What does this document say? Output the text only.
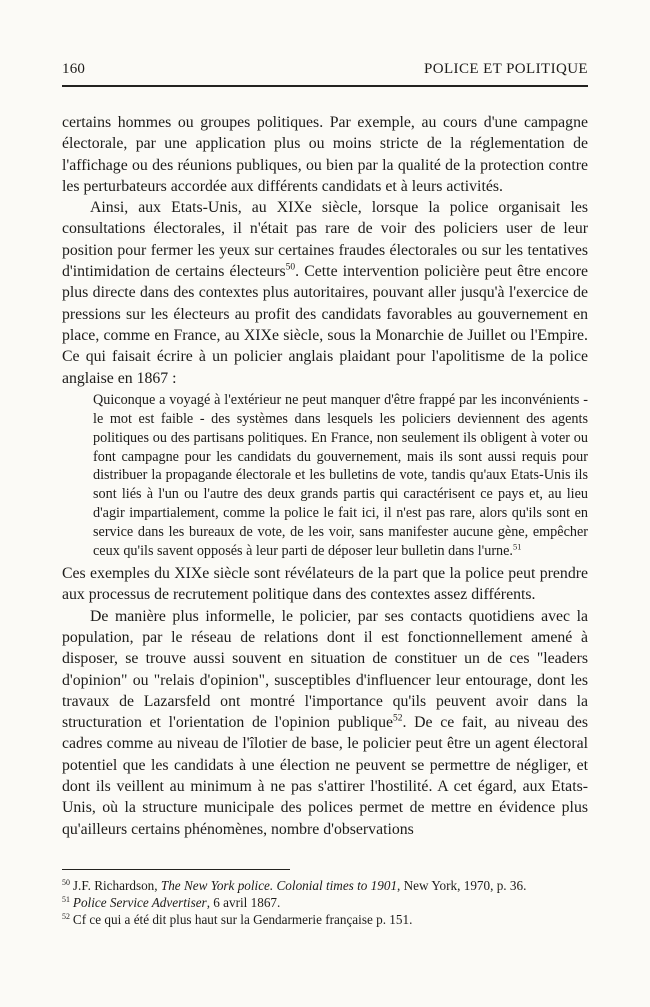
160	POLICE ET POLITIQUE

certains hommes ou groupes politiques. Par exemple, au cours d'une campagne électorale, par une application plus ou moins stricte de la réglementation de l'affichage ou des réunions publiques, ou bien par la qualité de la protection contre les perturbateurs accordée aux différents candidats et à leurs activités.

Ainsi, aux Etats-Unis, au XIXe siècle, lorsque la police organisait les consultations électorales, il n'était pas rare de voir des policiers user de leur position pour fermer les yeux sur certaines fraudes électorales ou sur les tentatives d'intimidation de certains électeurs$^{50}$. Cette intervention policière peut être encore plus directe dans des contextes plus autoritaires, pouvant aller jusqu'à l'exercice de pressions sur les électeurs au profit des candidats favorables au gouvernement en place, comme en France, au XIXe siècle, sous la Monarchie de Juillet ou l'Empire. Ce qui faisait écrire à un policier anglais plaidant pour l'apolitisme de la police anglaise en 1867 :

Quiconque a voyagé à l'extérieur ne peut manquer d'être frappé par les inconvénients - le mot est faible - des systèmes dans lesquels les policiers deviennent des agents politiques ou des partisans politiques. En France, non seulement ils obligent à voter ou font campagne pour les candidats du gouvernement, mais ils sont aussi requis pour distribuer la propagande électorale et les bulletins de vote, tandis qu'aux Etats-Unis ils sont liés à l'un ou l'autre des deux grands partis qui caractérisent ce pays et, au lieu d'agir impartialement, comme la police le fait ici, il n'est pas rare, alors qu'ils sont en service dans les bureaux de vote, de les voir, sans manifester aucune gène, empêcher ceux qu'ils savent opposés à leur parti de déposer leur bulletin dans l'urne.$^{51}$

Ces exemples du XIXe siècle sont révélateurs de la part que la police peut prendre aux processus de recrutement politique dans des contextes assez différents.

De manière plus informelle, le policier, par ses contacts quotidiens avec la population, par le réseau de relations dont il est fonctionnellement amené à disposer, se trouve aussi souvent en situation de constituer un de ces "leaders d'opinion" ou "relais d'opinion", susceptibles d'influencer leur entourage, dont les travaux de Lazarsfeld ont montré l'importance qu'ils peuvent avoir dans la structuration et l'orientation de l'opinion publique$^{52}$. De ce fait, au niveau des cadres comme au niveau de l'îlotier de base, le policier peut être un agent électoral potentiel que les candidats à une élection ne peuvent se permettre de négliger, et dont ils veillent au minimum à ne pas s'attirer l'hostilité. A cet égard, aux Etats-Unis, où la structure municipale des polices permet de mettre en évidence plus qu'ailleurs certains phénomènes, nombre d'observations

$^{50}$ J.F. Richardson, The New York police. Colonial times to 1901, New York, 1970, p. 36.
$^{51}$ Police Service Advertiser, 6 avril 1867.
$^{52}$ Cf ce qui a été dit plus haut sur la Gendarmerie française p. 151.
